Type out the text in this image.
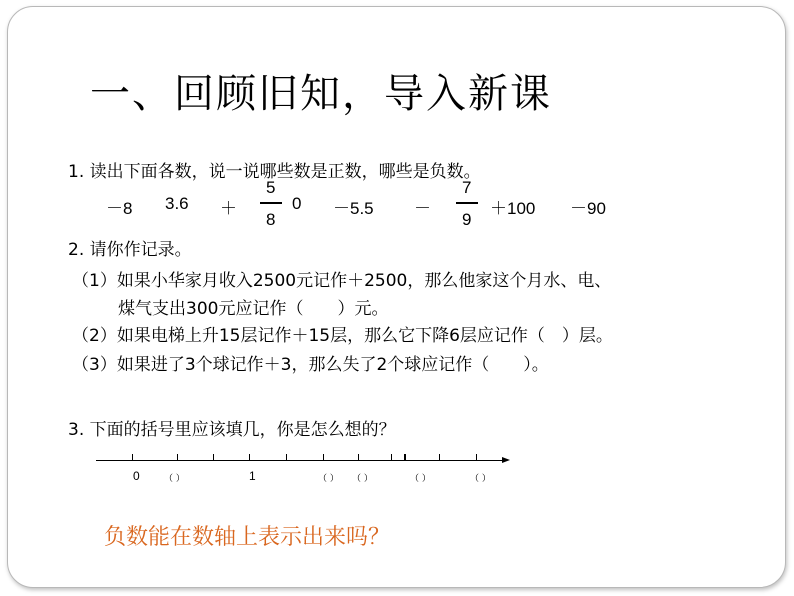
一、回顾旧知，导入新课
1. 读出下面各数，说一说哪些数是正数，哪些是负数。
－8 3.6 ＋
5
8
0 －5.5 －
7
9
＋100 －90
2. 请你作记录。
（1）如果小华家月收入2500元记作＋2500，那么他家这个月水、电、
煤气支出300元应记作（　　）元。
（2）如果电梯上升15层记作＋15层，那么它下降6层应记作（　）层。
（3）如果进了3个球记作＋3，那么失了2个球应记作（　　）。
3. 下面的括号里应该填几，你是怎么想的？
0	1
（ ）	（ ） （ ）	（ ）	（ ）
负数能在数轴上表示出来吗？
